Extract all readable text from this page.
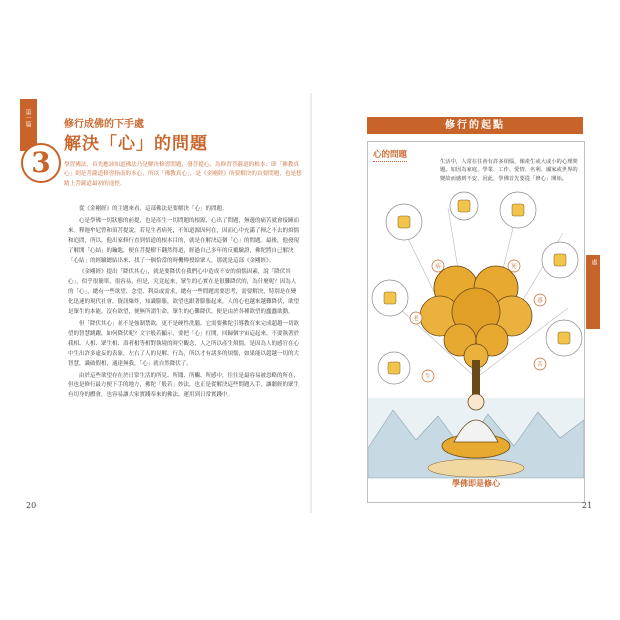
第一篇
3
修行成佛的下手處
解決「心」的問題
學習佛法，首先應該知道佛法乃是解決修習問題、發菩提心、為修習菩薩道的根本；即「佛教真心」則是菩薩道修習指南的本心，所以「佛教真心」，是《金剛經》所要解決的首要問題，也是想踏上菩薩道最初的途徑。

從《金剛經》的主題來看，這部佛法是要解決「心」的問題。

心是學佛一切狀態的前提，也是產生一切問題的根源，心出了問題，無邊的痛苦就會接踵而來。釋迦牟尼曾和須菩提說，若見生者病死，不知道源因何在，因而心中充滿了揮之不去的煩惱和追問，所以，他出家修行直到悟道的根本目的，就是在解決這個「心」的問題。最後，他發現了解開「心結」的鑰匙，便在菩提樹下翻然得道，經過自己多年的反覆驗證，佛陀將自己解決「心結」的經驗總結出來，找了一個恰當的時機傳授給眾人，那就是這部《金剛經》。

《金剛經》提出「降伏其心」，就是要降伏在我們心中造成不安的煩惱因素，說「降伏其心」，似乎很簡單，很容易，但是，究竟起來，眾生的心實在是很難降伏的，為什麼呢？因為人的「心」，總有一些欲望、念望、利益或需求，總有一些問題需要思考，需要解決，特別是在變化迅速的現代社會，資訊爆炸，知識膨脹，欲望也跟著膨脹起來，人的心也越來越難降伏，欲望是眾生的本能，沒有欲望，便無所謂生命，眾生的心難降伏，便是由於各種欲望的蠢蠢欲動。

但「降伏其心」並不是強制禁欲，更不是硬性洗腦，它需要佛陀引導教育來完成超越一切欲望的智慧跳躍，如何降伏呢？文字般若顯示，要把「心」打開，回歸個宇宙這起來，不要執著於我相、人相、眾生相、壽者相等相對執境的時空觀念，人之所以產生煩惱，是因為人的感官在心中生出許多虛妄的表象，左右了人的見解、行為，所以才有諸多的煩惱，如果能以超越一切的大智慧，識破假相，通達無我，「心」就自然降伏了。

由於這些欲望存在於日常生活的所見、所聞、所觸、所感中，往往是最容易被忽略的所在，但也是修行最方便下手的地方，佛陀「般若」妙法，也正是從解決這些問題入手，讓聽經的眾生有切身的體會，也容易讓大家實踐奉來的佛法，運用到日常實踐中。

20
修行的起點
心的問題
生活中，人常在往會有許多煩惱，像產生或大或小的心理問題。如因為家庭、學業、工作、愛情、名利、國家或世界的變故而感到不安，因此，學佛首先要從「修心」開始。
病	死
老
生
惑
苦
學佛即是修心
第一篇｜修行成佛的下手處
21
